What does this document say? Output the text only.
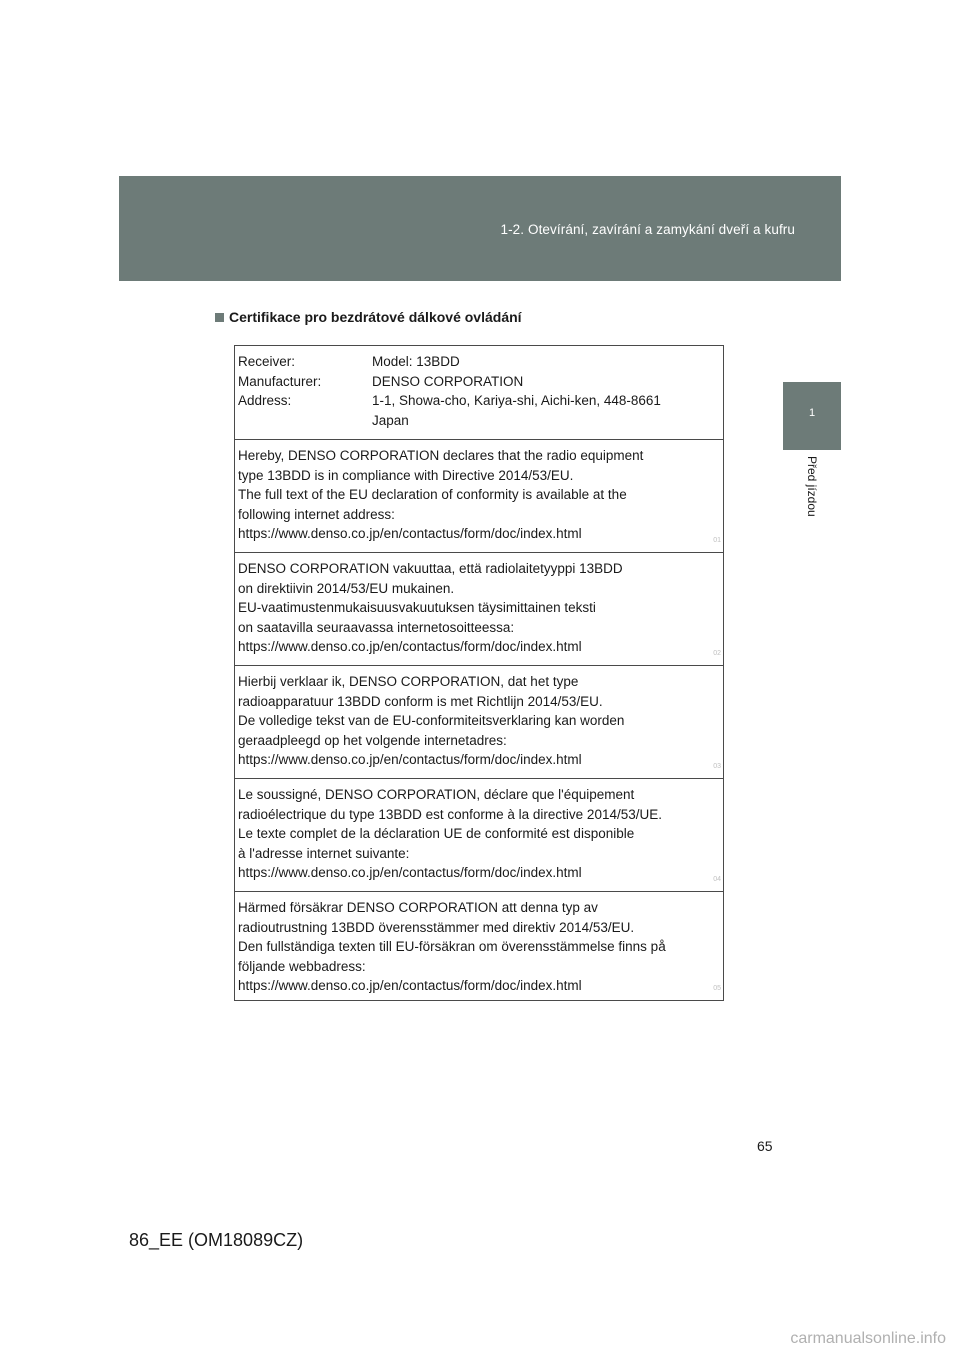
1-2. Otevírání, zavírání a zamykání dveří a kufru
1
Před jízdou
Certifikace pro bezdrátové dálkové ovládání
Receiver:	Model: 13BDD
Manufacturer:	DENSO CORPORATION
Address:	1-1, Showa-cho, Kariya-shi, Aichi-ken, 448-8661
Japan
Hereby, DENSO CORPORATION declares that the radio equipment
type 13BDD is in compliance with Directive 2014/53/EU.
The full text of the EU declaration of conformity is available at the
following internet address:
https://www.denso.co.jp/en/contactus/form/doc/index.html	01
DENSO CORPORATION vakuuttaa, että radiolaitetyyppi 13BDD
on direktiivin 2014/53/EU mukainen.
EU-vaatimustenmukaisuusvakuutuksen täysimittainen teksti
on saatavilla seuraavassa internetosoitteessa:
https://www.denso.co.jp/en/contactus/form/doc/index.html	02
Hierbij verklaar ik, DENSO CORPORATION, dat het type
radioapparatuur 13BDD conform is met Richtlijn 2014/53/EU.
De volledige tekst van de EU-conformiteitsverklaring kan worden
geraadpleegd op het volgende internetadres:
https://www.denso.co.jp/en/contactus/form/doc/index.html	03
Le soussigné, DENSO CORPORATION, déclare que l'équipement
radioélectrique du type 13BDD est conforme à la directive 2014/53/UE.
Le texte complet de la déclaration UE de conformité est disponible
à l'adresse internet suivante:
https://www.denso.co.jp/en/contactus/form/doc/index.html	04
Härmed försäkrar DENSO CORPORATION att denna typ av
radioutrustning 13BDD överensstämmer med direktiv 2014/53/EU.
Den fullständiga texten till EU-försäkran om överensstämmelse finns på
följande webbadress:
https://www.denso.co.jp/en/contactus/form/doc/index.html	05
65
86_EE (OM18089CZ)
carmanualsonline.info
